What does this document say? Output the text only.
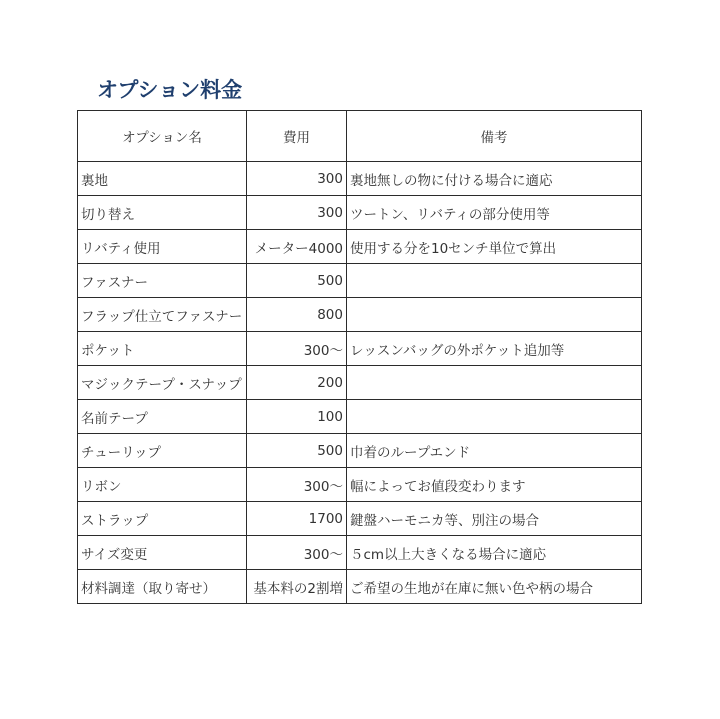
オプション料金
オプション名	費用	備考
裏地	300	裏地無しの物に付ける場合に適応
切り替え	300	ツートン、リバティの部分使用等
リバティ使用	メーター4000	使用する分を10センチ単位で算出
ファスナー	500	
フラップ仕立てファスナー	800	
ポケット	300～	レッスンバッグの外ポケット追加等
マジックテープ・スナップ	200	
名前テープ	100	
チューリップ	500	巾着のループエンド
リボン	300～	幅によってお値段変わります
ストラップ	1700	鍵盤ハーモニカ等、別注の場合
サイズ変更	300～	５cm以上大きくなる場合に適応
材料調達（取り寄せ）	基本料の2割増	ご希望の生地が在庫に無い色や柄の場合
